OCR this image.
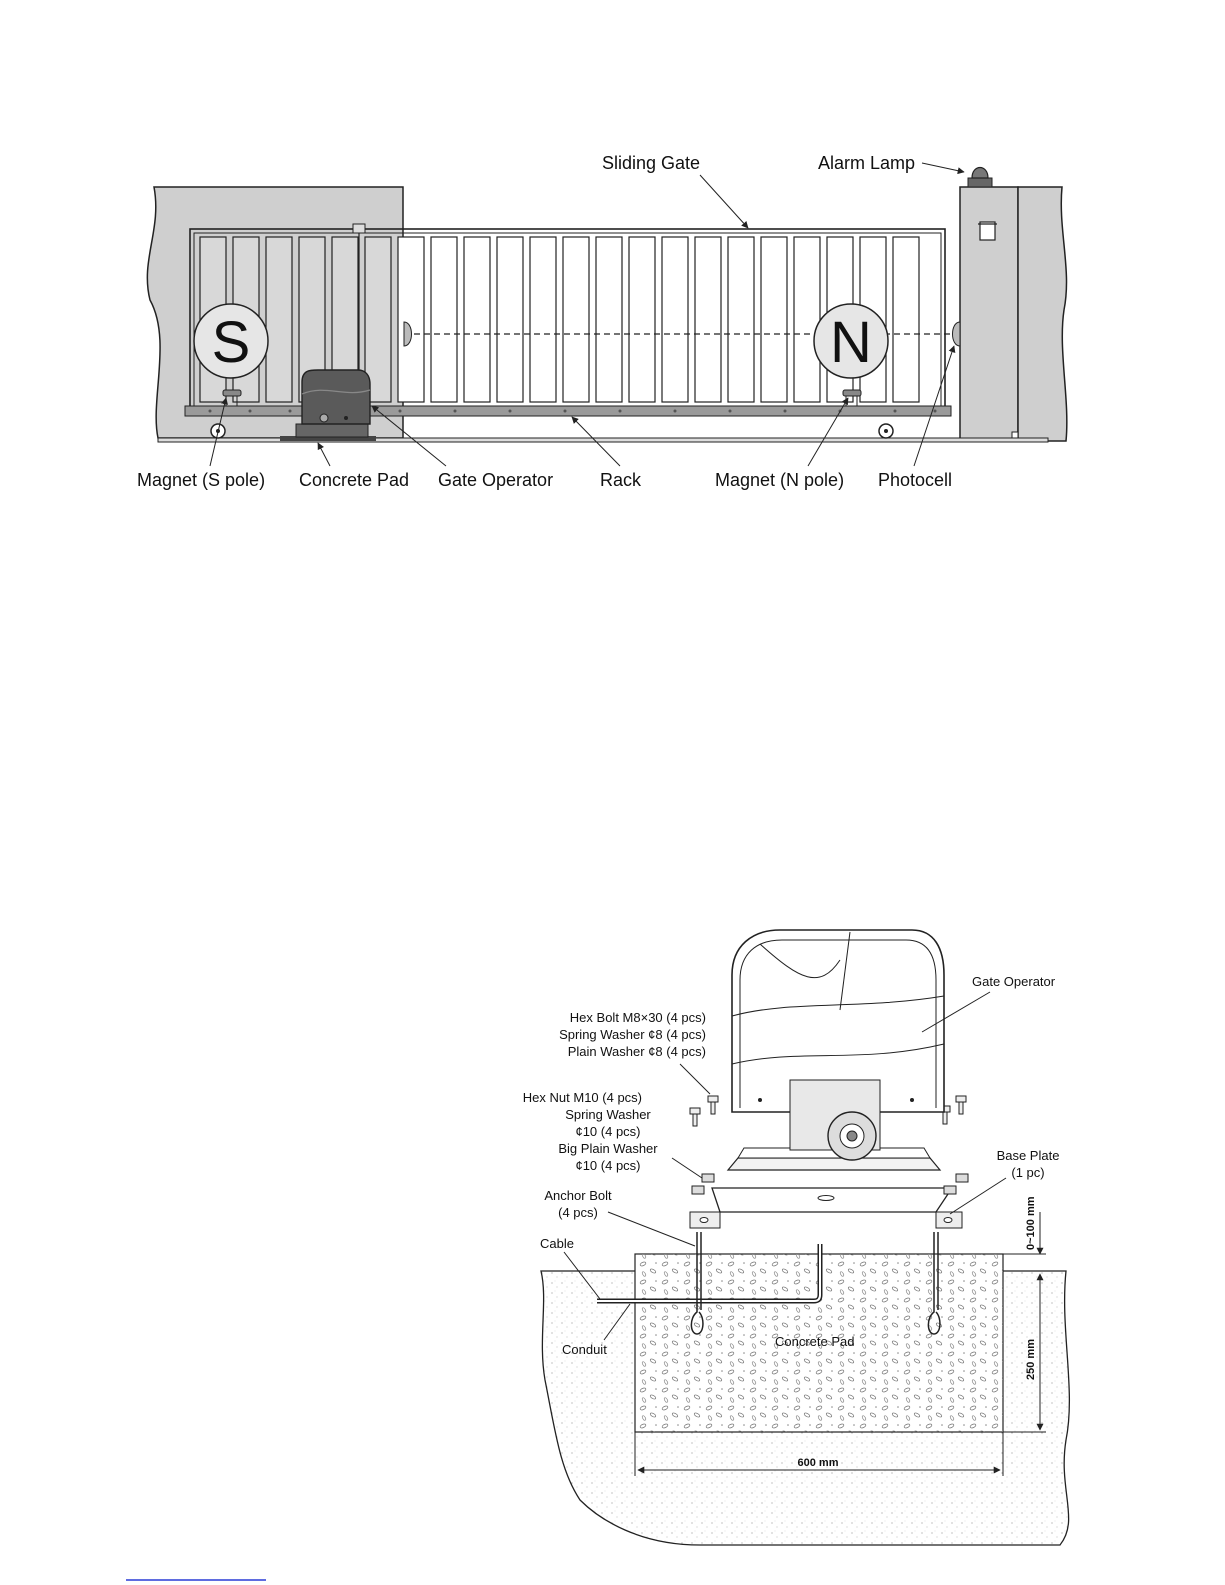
S	N
Sliding Gate	Alarm Lamp
Magnet (S pole) Concrete Pad Gate Operator	Rack	Magnet (N pole) Photocell
Gate Operator
Hex Bolt M8×30 (4 pcs)
Spring Washer ¢8 (4 pcs)
Plain Washer ¢8 (4 pcs)
Hex Nut M10 (4 pcs)
Spring Washer
¢10 (4 pcs)
Big Plain Washer
¢10 (4 pcs)
Base Plate
(1 pc)
Anchor Bolt
(4 pcs)
Cable
Conduit
Concrete Pad
0~100 mm
250 mm
600 mm
